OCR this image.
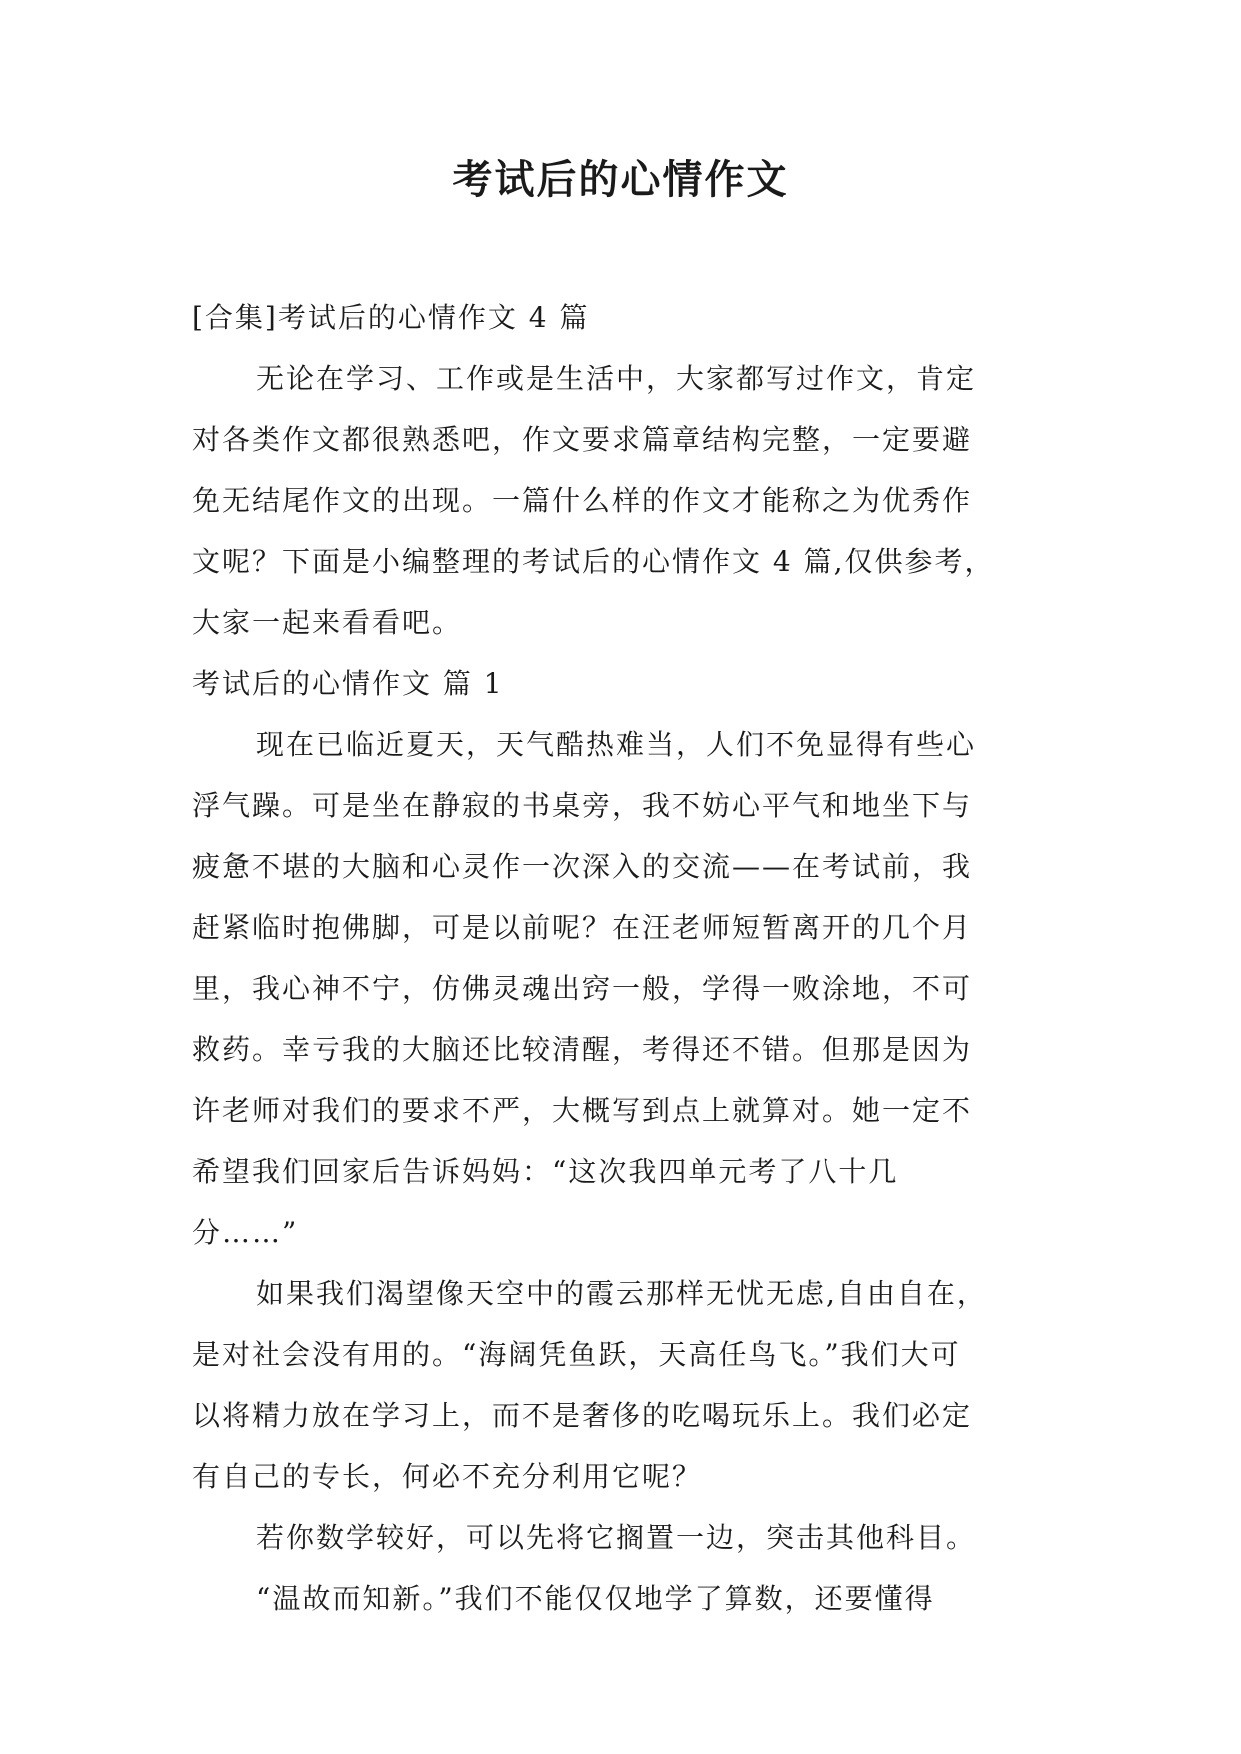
考试后的心情作文
[合集]考试后的心情作文 4 篇
无论在学习、工作或是生活中，大家都写过作文，肯定
对各类作文都很熟悉吧，作文要求篇章结构完整，一定要避
免无结尾作文的出现。一篇什么样的作文才能称之为优秀作
文呢？下面是小编整理的考试后的心情作文 4 篇,仅供参考，
大家一起来看看吧。
考试后的心情作文 篇 1
现在已临近夏天，天气酷热难当，人们不免显得有些心
浮气躁。可是坐在静寂的书桌旁，我不妨心平气和地坐下与
疲惫不堪的大脑和心灵作一次深入的交流——在考试前，我
赶紧临时抱佛脚，可是以前呢？在汪老师短暂离开的几个月
里，我心神不宁，仿佛灵魂出窍一般，学得一败涂地，不可
救药。幸亏我的大脑还比较清醒，考得还不错。但那是因为
许老师对我们的要求不严，大概写到点上就算对。她一定不
希望我们回家后告诉妈妈：“这次我四单元考了八十几
分……”
如果我们渴望像天空中的霞云那样无忧无虑,自由自在，
是对社会没有用的。“海阔凭鱼跃，天高任鸟飞。”我们大可
以将精力放在学习上，而不是奢侈的吃喝玩乐上。我们必定
有自己的专长，何必不充分利用它呢？
若你数学较好，可以先将它搁置一边，突击其他科目。
“温故而知新。”我们不能仅仅地学了算数，还要懂得
